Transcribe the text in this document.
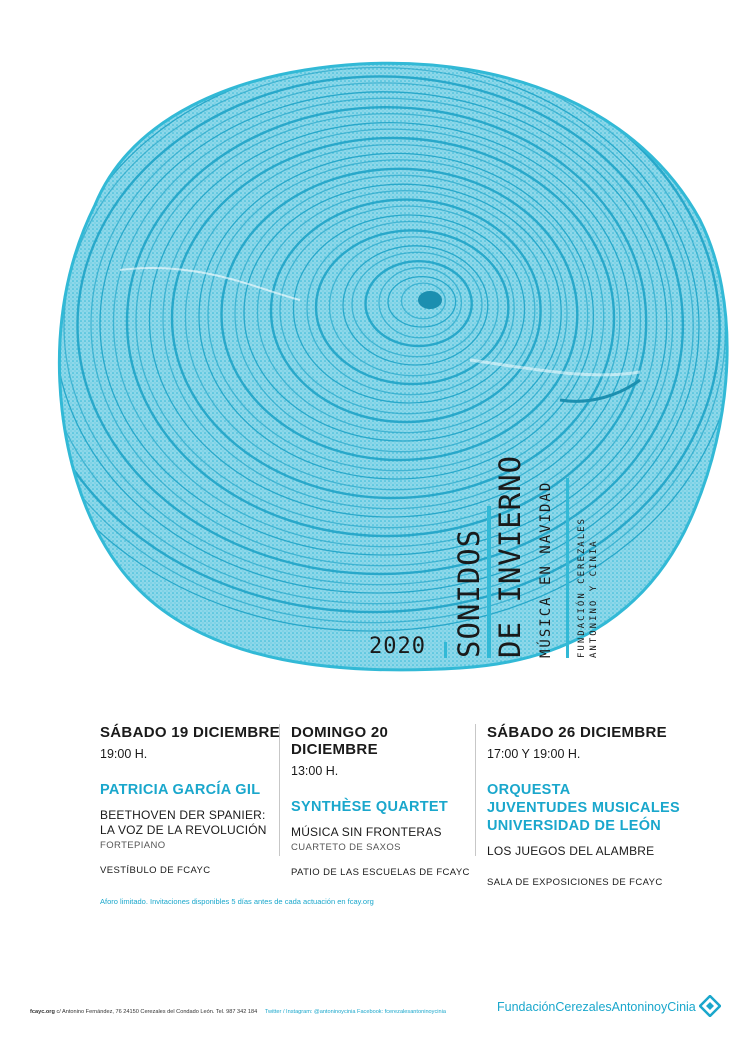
2020 SONIDOS DE INVIERNO MÚSICA EN NAVIDAD	FUNDACIÓN CEREZALES ANTONINO Y CINIA
SÁBADO 19 DICIEMBRE
19:00 H.
PATRICIA GARCÍA GIL
BEETHOVEN DER SPANIER:
LA VOZ DE LA REVOLUCIÓN
FORTEPIANO
VESTÍBULO DE FCAYC
DOMINGO 20 DICIEMBRE
13:00 H.
SYNTHÈSE QUARTET
MÚSICA SIN FRONTERAS
CUARTETO DE SAXOS
PATIO DE LAS ESCUELAS DE FCAYC
SÁBADO 26 DICIEMBRE
17:00 Y 19:00 H.
ORQUESTA
JUVENTUDES MUSICALES
UNIVERSIDAD DE LEÓN
LOS JUEGOS DEL ALAMBRE
SALA DE EXPOSICIONES DE FCAYC
Aforo limitado. Invitaciones disponibles 5 días antes de cada actuación en fcay.org
fcayc.org c/ Antonino Fernández, 76 24150 Cerezales del Condado León. Tel. 987 342 184 Twitter / Instagram: @antoninoycinia Facebook: fcerezalesantoninoycinia	FundaciónCerezalesAntoninoyCinia
